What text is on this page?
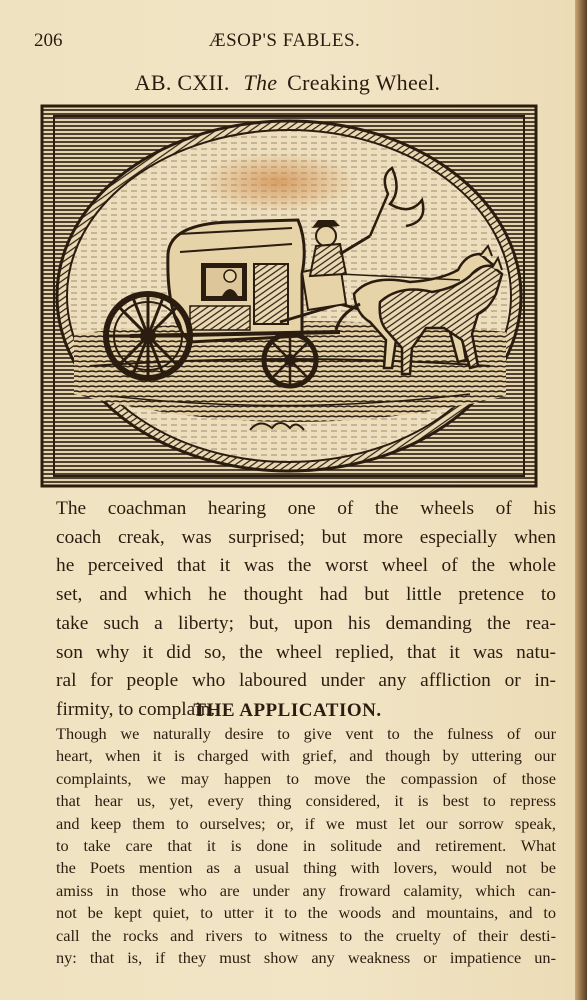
206	ÆSOP'S FABLES.
AB. CXII. The Creaking Wheel.
The coachman hearing one of the wheels of his
coach creak, was surprised; but more especially when
he perceived that it was the worst wheel of the whole
set, and which he thought had but little pretence to
take such a liberty; but, upon his demanding the rea-
son why it did so, the wheel replied, that it was natu-
ral for people who laboured under any affliction or in-
firmity, to complain.
THE APPLICATION.
Though we naturally desire to give vent to the fulness of our
heart, when it is charged with grief, and though by uttering our
complaints, we may happen to move the compassion of those
that hear us, yet, every thing considered, it is best to repress
and keep them to ourselves; or, if we must let our sorrow speak,
to take care that it is done in solitude and retirement. What
the Poets mention as a usual thing with lovers, would not be
amiss in those who are under any froward calamity, which can-
not be kept quiet, to utter it to the woods and mountains, and to
call the rocks and rivers to witness to the cruelty of their desti-
ny: that is, if they must show any weakness or impatience un-
